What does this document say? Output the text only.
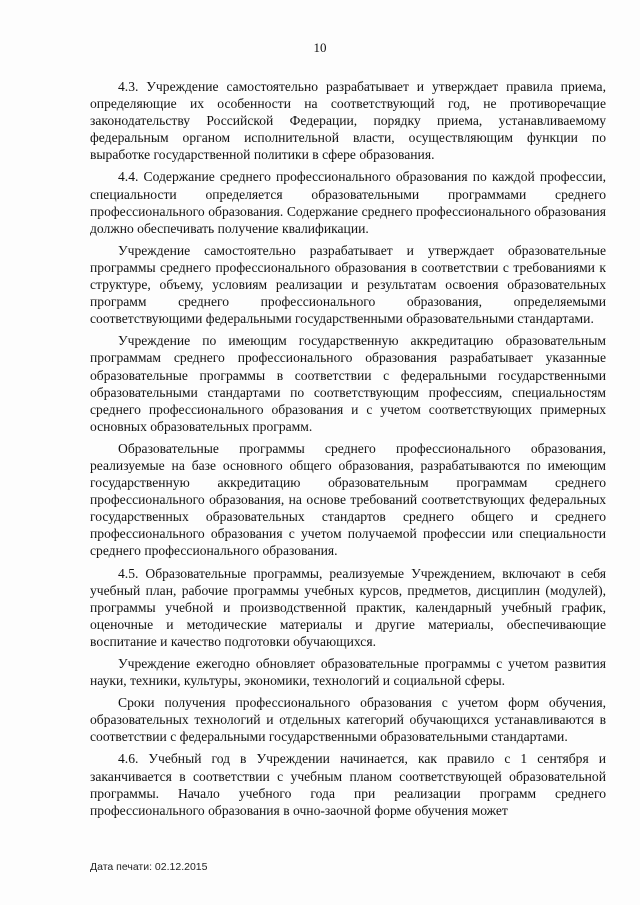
10

4.3. Учреждение самостоятельно разрабатывает и утверждает правила приема, определяющие их особенности на соответствующий год, не противоречащие законодательству Российской Федерации, порядку приема, устанавливаемому федеральным органом исполнительной власти, осуществляющим функции по выработке государственной политики в сфере образования.

4.4. Содержание среднего профессионального образования по каждой профессии, специальности определяется образовательными программами среднего профессионального образования. Содержание среднего профессионального образования должно обеспечивать получение квалификации.

Учреждение самостоятельно разрабатывает и утверждает образовательные программы среднего профессионального образования в соответствии с требованиями к структуре, объему, условиям реализации и результатам освоения образовательных программ среднего профессионального образования, определяемыми соответствующими федеральными государственными образовательными стандартами.

Учреждение по имеющим государственную аккредитацию образовательным программам среднего профессионального образования разрабатывает указанные образовательные программы в соответствии с федеральными государственными образовательными стандартами по соответствующим профессиям, специальностям среднего профессионального образования и с учетом соответствующих примерных основных образовательных программ.

Образовательные программы среднего профессионального образования, реализуемые на базе основного общего образования, разрабатываются по имеющим государственную аккредитацию образовательным программам среднего профессионального образования, на основе требований соответствующих федеральных государственных образовательных стандартов среднего общего и среднего профессионального образования с учетом получаемой профессии или специальности среднего профессионального образования.

4.5. Образовательные программы, реализуемые Учреждением, включают в себя учебный план, рабочие программы учебных курсов, предметов, дисциплин (модулей), программы учебной и производственной практик, календарный учебный график, оценочные и методические материалы и другие материалы, обеспечивающие воспитание и качество подготовки обучающихся.

Учреждение ежегодно обновляет образовательные программы с учетом развития науки, техники, культуры, экономики, технологий и социальной сферы.

Сроки получения профессионального образования с учетом форм обучения, образовательных технологий и отдельных категорий обучающихся устанавливаются в соответствии с федеральными государственными образовательными стандартами.

4.6. Учебный год в Учреждении начинается, как правило с 1 сентября и заканчивается в соответствии с учебным планом соответствующей образовательной программы. Начало учебного года при реализации программ среднего профессионального образования в очно-заочной форме обучения может

Дата печати: 02.12.2015
